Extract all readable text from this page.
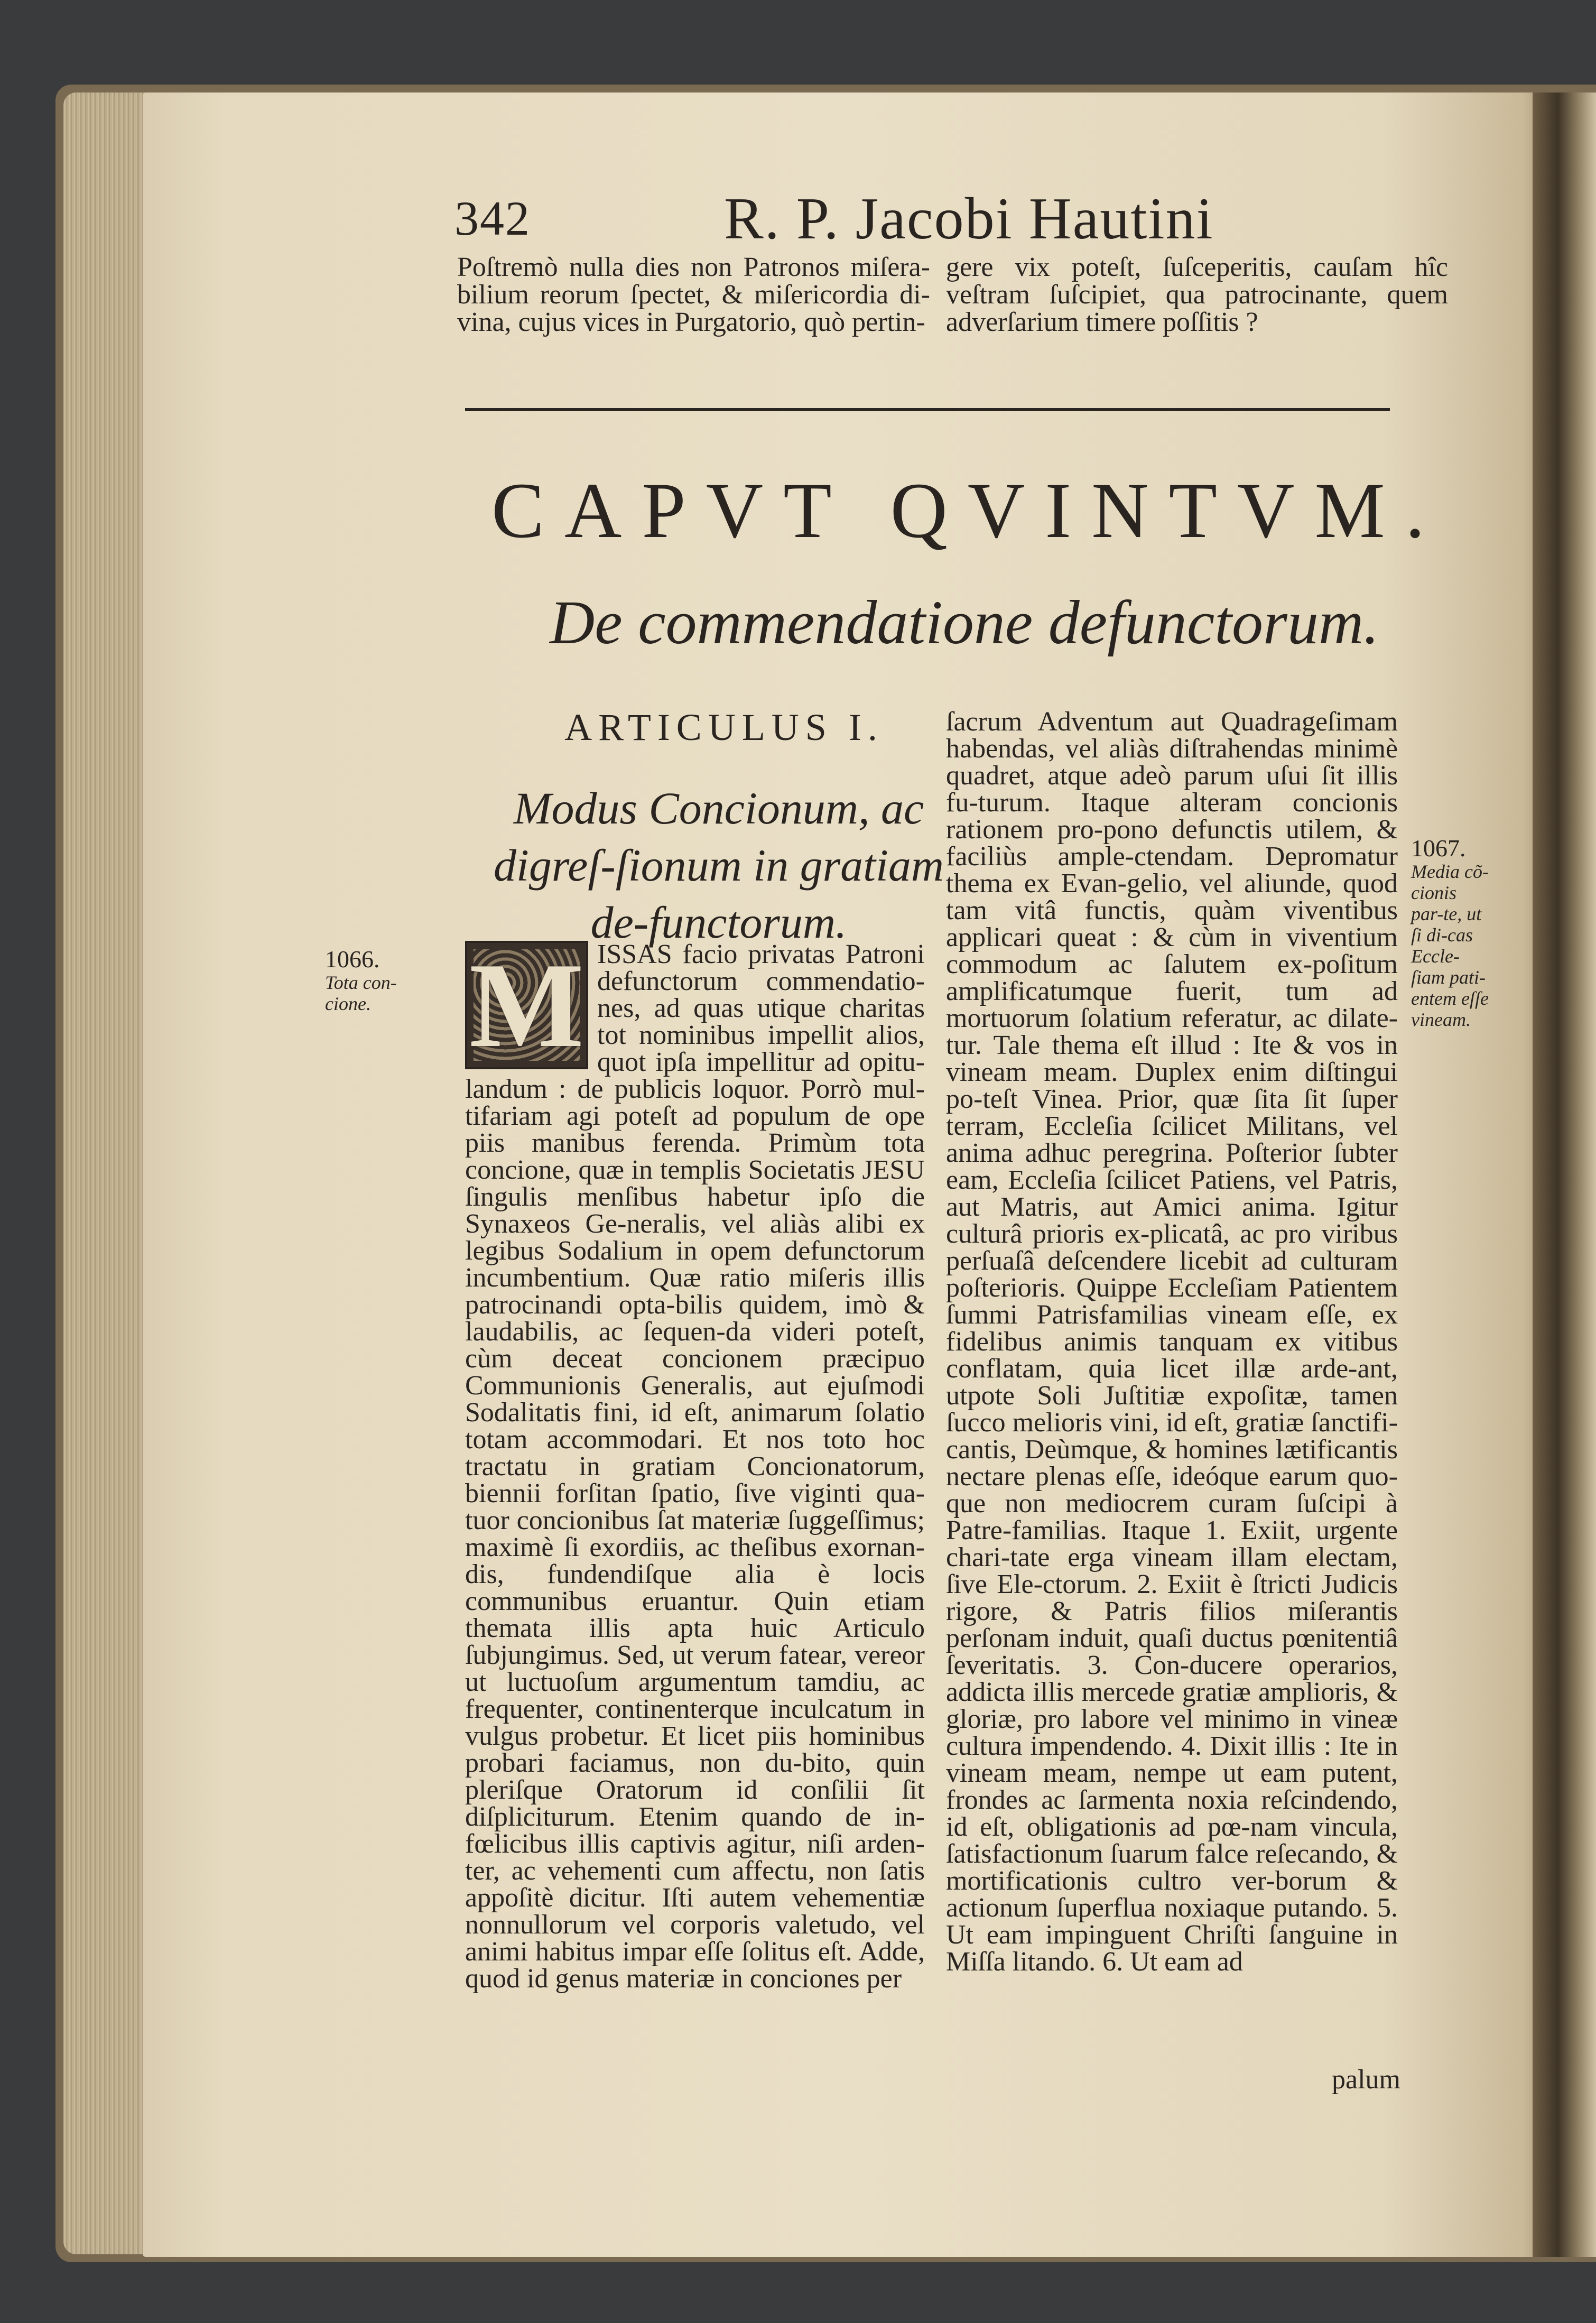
342	R. P. Jacobi Hautini

Poſtremò nulla dies non Patronos miſera-bilium reorum ſpectet, & miſericordia di-vina, cujus vices in Purgatorio, quò pertin-

gere vix poteſt, ſuſceperitis, cauſam hîc veſtram ſuſcipiet, qua patrocinante, quem adverſarium timere poſſitis ?

CAPVT QVINTVM.
De commendatione defunctorum.
ARTICULUS I.
Modus Concionum, ac digreſ-ſionum in gratiam de-functorum.
1066.
Tota con-cione.
1067.
Media cõ-cionis par-te, ut ſi di-cas Eccle-ſiam pati-entem eſſe vineam.

ISSAS facio privatas Patroni defunctorum commendatio-nes, ad quas utique charitas tot nominibus impellit alios, quot ipſa impellitur ad opitu-landum : de publicis loquor. Porrò mul-tifariam agi poteſt ad populum de ope piis manibus ferenda. Primùm tota concione, quæ in templis Societatis JESU ſingulis menſibus habetur ipſo die Synaxeos Ge-neralis, vel aliàs alibi ex legibus Sodalium in opem defunctorum incumbentium. Quæ ratio miſeris illis patrocinandi opta-bilis quidem, imò & laudabilis, ac ſequen-da videri poteſt, cùm deceat concionem præcipuo Communionis Generalis, aut ejuſmodi Sodalitatis fini, id eſt, animarum ſolatio totam accommodari. Et nos toto hoc tractatu in gratiam Concionatorum, biennii forſitan ſpatio, ſive viginti qua-tuor concionibus ſat materiæ ſuggeſſimus; maximè ſi exordiis, ac theſibus exornan-dis, fundendiſque alia è locis communibus eruantur. Quin etiam themata illis apta huic Articulo ſubjungimus. Sed, ut verum fatear, vereor ut luctuoſum argumentum tamdiu, ac frequenter, continenterque inculcatum in vulgus probetur. Et licet piis hominibus probari faciamus, non du-bito, quin pleriſque Oratorum id conſilii ſit diſpliciturum. Etenim quando de in-fœlicibus illis captivis agitur, niſi arden-ter, ac vehementi cum affectu, non ſatis appoſitè dicitur. Iſti autem vehementiæ nonnullorum vel corporis valetudo, vel animi habitus impar eſſe ſolitus eſt. Adde, quod id genus materiæ in conciones per

M

ſacrum Adventum aut Quadrageſimam habendas, vel aliàs diſtrahendas minimè quadret, atque adeò parum uſui ſit illis fu-turum. Itaque alteram concionis rationem pro-pono defunctis utilem, & faciliùs ample-ctendam. Depromatur thema ex Evan-gelio, vel aliunde, quod tam vitâ functis, quàm viventibus applicari queat : & cùm in viventium commodum ac ſalutem ex-poſitum amplificatumque fuerit, tum ad mortuorum ſolatium referatur, ac dilate-tur. Tale thema eſt illud : Ite & vos in vineam meam. Duplex enim diſtingui po-teſt Vinea. Prior, quæ ſita ſit ſuper terram, Eccleſia ſcilicet Militans, vel anima adhuc peregrina. Poſterior ſubter eam, Eccleſia ſcilicet Patiens, vel Patris, aut Matris, aut Amici anima. Igitur culturâ prioris ex-plicatâ, ac pro viribus perſuaſâ deſcendere licebit ad culturam poſterioris. Quippe Eccleſiam Patientem ſummi Patrisfamilias vineam eſſe, ex fidelibus animis tanquam ex vitibus conflatam, quia licet illæ arde-ant, utpote Soli Juſtitiæ expoſitæ, tamen ſucco melioris vini, id eſt, gratiæ ſanctifi-cantis, Deùmque, & homines lætificantis nectare plenas eſſe, ideóque earum quo-que non mediocrem curam ſuſcipi à Patre-familias. Itaque 1. Exiit, urgente chari-tate erga vineam illam electam, ſive Ele-ctorum. 2. Exiit è ſtricti Judicis rigore, & Patris filios miſerantis perſonam induit, quaſi ductus pœnitentiâ ſeveritatis. 3. Con-ducere operarios, addicta illis mercede gratiæ amplioris, & gloriæ, pro labore vel minimo in vineæ cultura impendendo. 4. Dixit illis : Ite in vineam meam, nempe ut eam putent, frondes ac ſarmenta noxia reſcindendo, id eſt, obligationis ad pœ-nam vincula, ſatisfactionum ſuarum falce reſecando, & mortificationis cultro ver-borum & actionum ſuperflua noxiaque putando. 5. Ut eam impinguent Chriſti ſanguine in Miſſa litando. 6. Ut eam ad

palum
